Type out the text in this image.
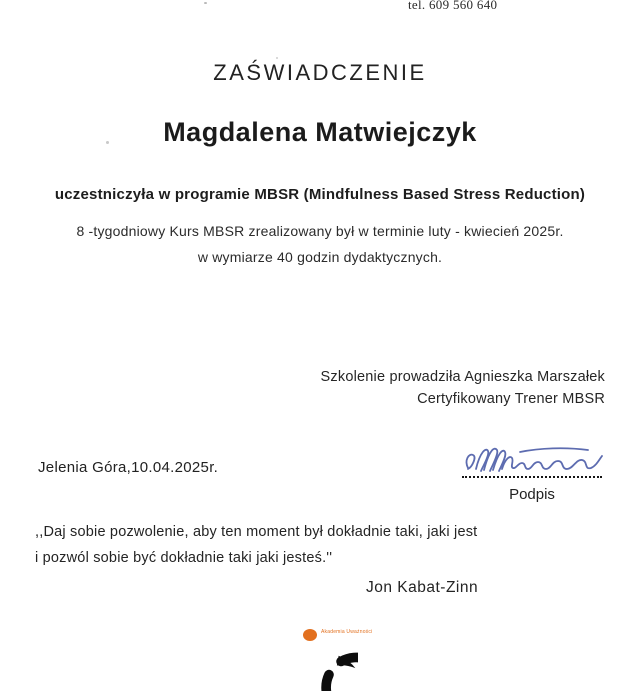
tel. 609 560 640
ZAŚWIADCZENIE
Magdalena Matwiejczyk
uczestniczyła w programie MBSR (Mindfulness Based Stress Reduction)
8 -tygodniowy Kurs MBSR zrealizowany był w terminie luty - kwiecień 2025r.
w wymiarze 40 godzin dydaktycznych.
Szkolenie prowadziła Agnieszka Marszałek
Certyfikowany Trener MBSR
Jelenia Góra,10.04.2025r.
Podpis
,,Daj sobie pozwolenie, aby ten moment był dokładnie taki, jaki jest
i pozwól sobie być dokładnie taki jaki jesteś.''
Jon Kabat-Zinn
Akademia Uważności
